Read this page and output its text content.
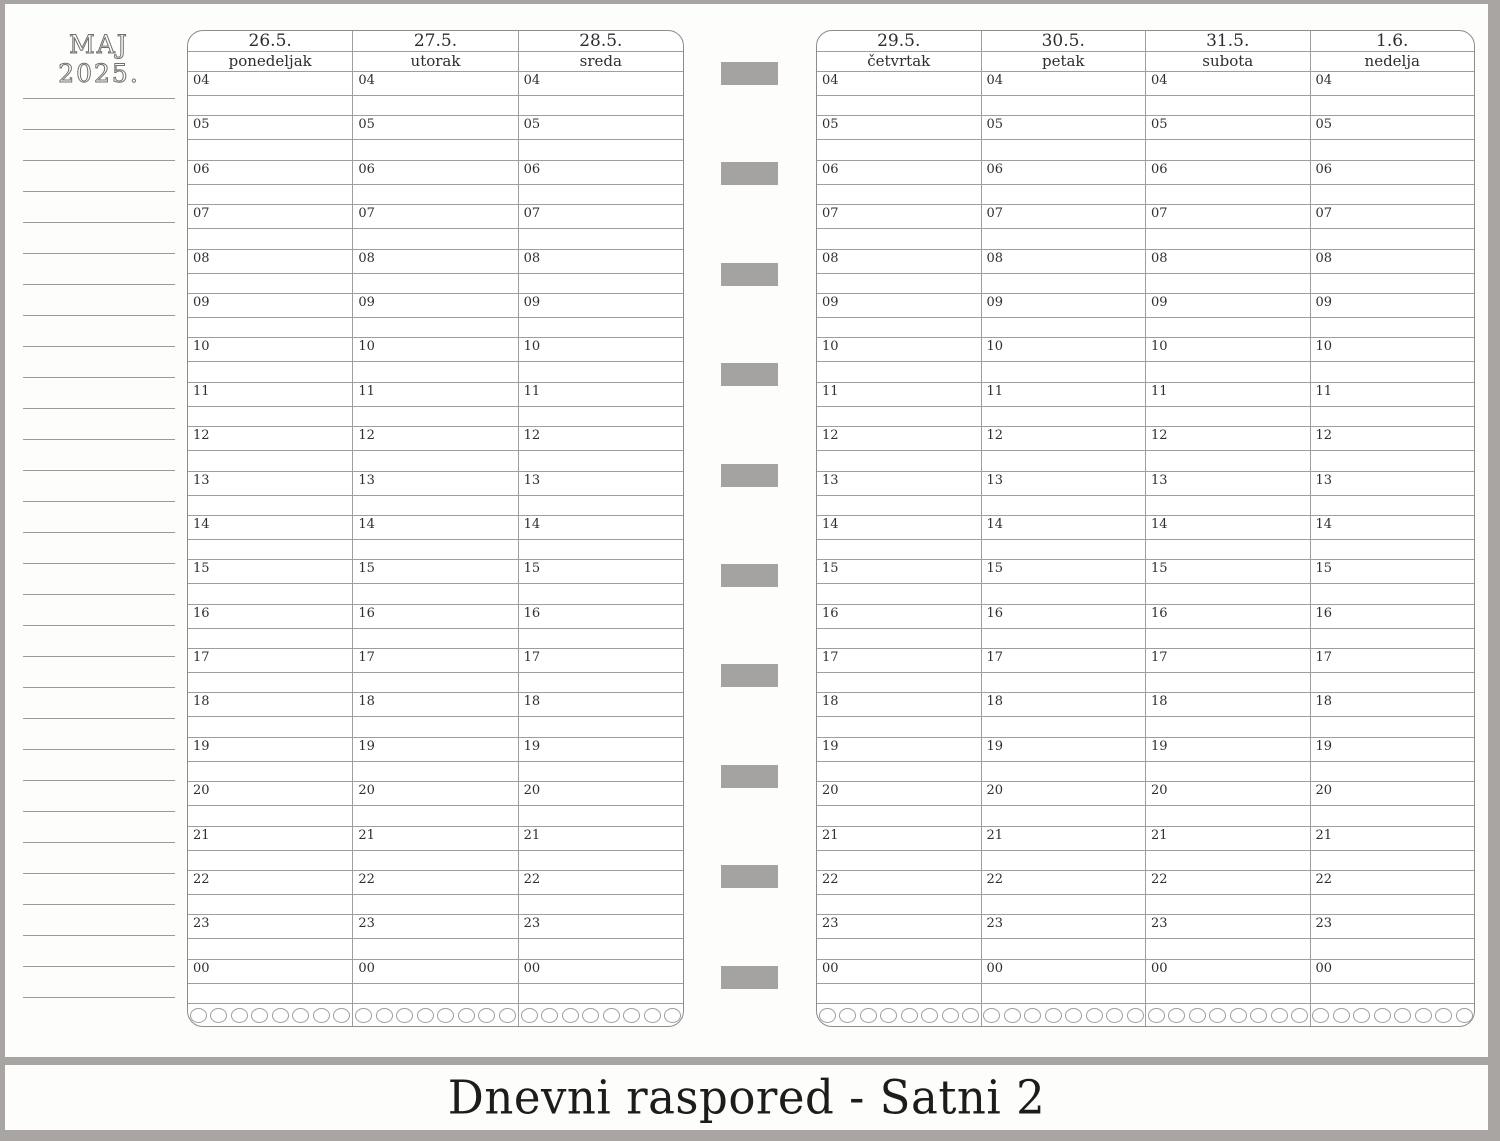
MAJ
2025.
26.5.
ponedeljak
04
05
06
07
08
09
10
11
12
13
14
15
16
17
18
19
20
21
22
23
00
27.5.
utorak
04
05
06
07
08
09
10
11
12
13
14
15
16
17
18
19
20
21
22
23
00
28.5.
sreda
04
05
06
07
08
09
10
11
12
13
14
15
16
17
18
19
20
21
22
23
00
29.5.
četvrtak
04
05
06
07
08
09
10
11
12
13
14
15
16
17
18
19
20
21
22
23
00
30.5.
petak
04
05
06
07
08
09
10
11
12
13
14
15
16
17
18
19
20
21
22
23
00
31.5.
subota
04
05
06
07
08
09
10
11
12
13
14
15
16
17
18
19
20
21
22
23
00
1.6.
nedelja
04
05
06
07
08
09
10
11
12
13
14
15
16
17
18
19
20
21
22
23
00
Dnevni raspored - Satni 2
